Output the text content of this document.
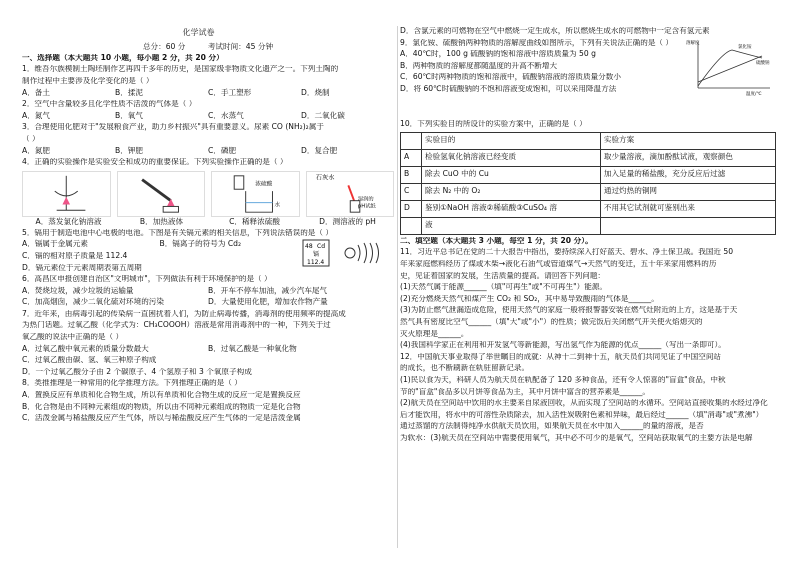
化学试卷
总分：60 分	考试时间：45 分钟

一、选择题（本大题共 10 小题，每小题 2 分，共 20 分）

1．维吾尔族模制土陶坯制作艺再四千多年的历史，是国家级非物质文化遗产之一。下列土陶的

制作过程中主要涉及化学变化的是（ ）

A．备土	B．揉泥	C．手工塑形	D．烧制

2．空气中含量较多且化学性质不活泼的气体是（ ）

A．氮气	B．氧气	C．水蒸气	D．二氧化碳

3．合理使用化肥对于"发展粮食产业，助力乡村振兴"具有重要意义。尿素 CO (NH₂)₂属于

（ ）

A．氮肥	B．钾肥	C．磷肥	D．复合肥

4．正确的实验操作是实验安全和成功的重要保证。下列实验操作正确的是（ ）

浓硫酸
水
石灰水
湿润的
pH试纸
A．蒸发氯化钠溶液	B．加热液体	C．稀释浓硫酸	D．测溶液的 pH

5．镉用于制造电池中心电极的电池。下图是有关镉元素的相关信息，下列说法错误的是（ ）

48 Cd
镉
112.4
A．镉属于金属元素	B．镉离子的符号为 Cd₂

C．镉的相对原子质量是 112.4

D．镉元素位于元素周期表第五周期

6．高昌区申报创建自治区"文明城市"，下列做法有利于环境保护的是（ ）

A．焚烧垃圾，减少垃圾的运输量	B．开车不停车加油，减少汽车尾气
C．加高烟囱，减少二氧化硫对环境的污染	D．大量使用化肥，增加农作物产量

7．近年来，由病毒引起的传染病一直困扰着人们，为防止病毒传播，消毒剂的使用频率的提高成

为热门话题。过氧乙酸（化学式为：CH₃COOOH）溶液是常用消毒剂中的一种，下列关于过

氧乙酸的说法中正确的是（ ）

A．过氧乙酸中氧元素的质量分数最大	B．过氧乙酸是一种氧化物

C．过氧乙酸由碳、氢、氧三种原子构成

D．一个过氧乙酸分子由 2 个碳原子、4 个氢原子和 3 个氧原子构成

8．类推推理是一种常用的化学推理方法。下列推理正确的是（ ）

A．置换反应有单质和化合物生成，所以有单质和化合物生成的反应一定是置换反应

B．化合物是由不同种元素组成的物质，所以由不同种元素组成的物质一定是化合物

C．活泼金属与稀盐酸反应产生气体，所以与稀盐酸反应产生气体的一定是活泼金属

D．含氯元素的可燃物在空气中燃烧一定生成水，所以燃烧生成水的可燃物中一定含有氢元素

9．氯化铵、硫酸钠两种物质的溶解度曲线如图所示，下列有关说法正确的是（ ）

A．40℃时，100 g 硫酸钠的饱和溶液中溶质质量为 50 g

B．两种物质的溶解度都随温度的升高不断增大

C．60℃时两种物质的饱和溶液中，硫酸钠溶液的溶质质量分数小

D．将 60℃时硫酸钠的不饱和溶液变成饱和，可以采用降温方法

溶解度
氯化铵
硫酸钠
温度/℃

10．下列实验目的所设计的实验方案中，正确的是（ ）

	实验目的	实验方案
A	检验氢氧化钠溶液已经变质	取少量溶液，滴加酚酞试液，观察颜色
B	除去 CuO 中的 Cu	加入足量的稀盐酸，充分反应后过滤
C	除去 N₂ 中的 O₂	通过灼热的铜网
D	鉴别①NaOH 溶液②稀硫酸③CuSO₄ 溶	不用其它试剂就可鉴别出来
	液	

二、填空题（本大题共 3 小题，每空 1 分，共 20 分）。

11．习近平总书记在党的二十大报告中指出，要持续深入打好蓝天、碧水、净土保卫战。我国近 50

年来家庭燃料经历了煤或木柴→液化石油气或管道煤气→天然气的变迁，五十年来家用燃料的历

史，见证着国家的发展，生活质量的提高。请回答下列问题：

(1)天然气属于能源______（填"可再生"或"不可再生"）能源。

(2)充分燃烧天然气和煤产生 CO₂ 和 SO₂，其中易导致酸雨的气体是______。

(3)为防止燃气泄漏造成危险，使用天然气的家庭一般将报警器安装在燃气灶附近的上方，这是基于天

然气具有密度比空气______（填"大"或"小"）的性质；做完饭后关闭燃气开关使火焰熄灭的

灭火原理是______。

(4)我国科学家正在利用和开发氢气等新能源，写出氢气作为能源的优点______（写出一条即可）。

12．中国航天事业取得了举世瞩目的成就：从神十二到神十五，航天员们共同见证了中国空间站

的成长，也不断刷新在轨驻留新记录。

(1)民以食为天，科研人员为航天员在轨配备了 120 多种食品，还有令人惊喜的"盲盒"食品，中秋

节的"盲盒"食品多以月饼等食品为主，其中月饼中富含的营养素是______。

(2)航天员在空间站中饮用的水主要来自尿液回收，从而实现了空间站的水循环。空间站直接收集的水经过净化

后才能饮用，将水中的可溶性杂质除去，加入活性炭吸附色素和异味，最后经过______（填"消毒"或"煮沸"）

通过蒸馏的方法制得纯净水供航天员饮用，如果航天员在水中加入______的量的溶液，是否

为软水：(3)航天员在空间站中需要使用氧气，其中必不可少的是氧气，空间站获取氧气的主要方法是电解
